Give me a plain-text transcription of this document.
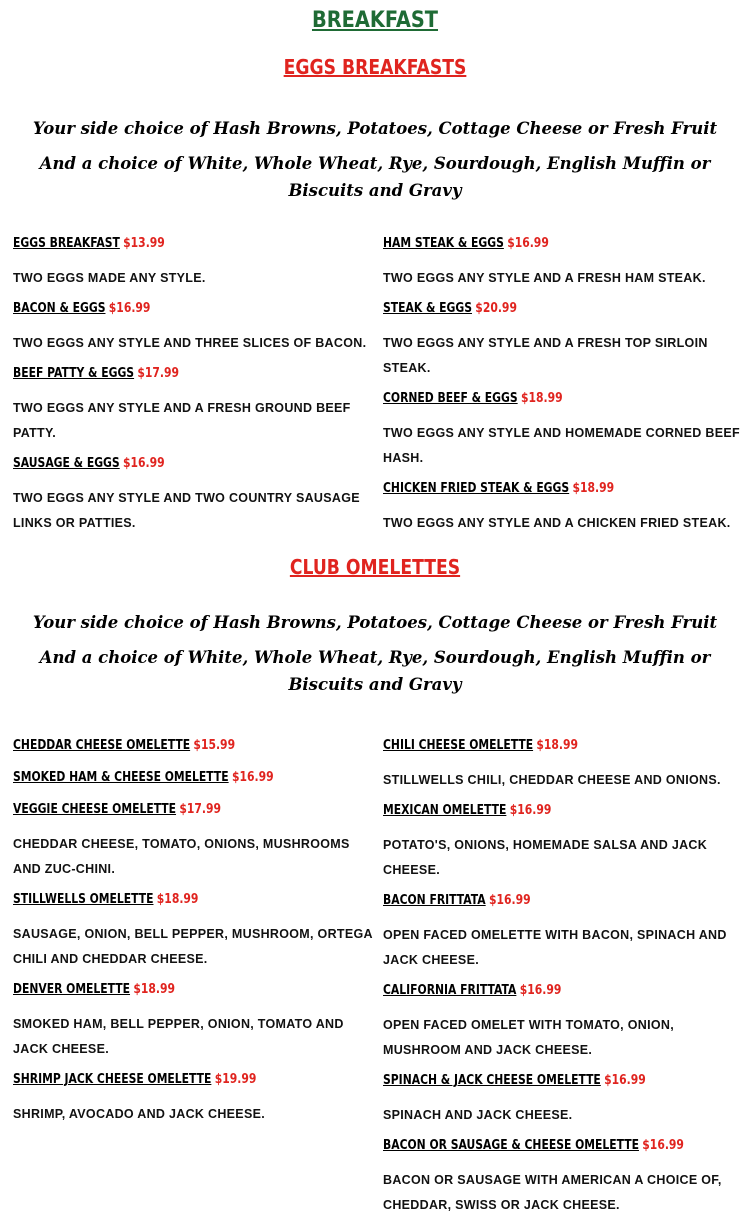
BREAKFAST
EGGS BREAKFASTS

Your side choice of Hash Browns, Potatoes, Cottage Cheese or Fresh Fruit

And a choice of White, Whole Wheat, Rye, Sourdough, English Muffin or Biscuits and Gravy

EGGS BREAKFAST $13.99
TWO EGGS MADE ANY STYLE.
BACON & EGGS $16.99
TWO EGGS ANY STYLE AND THREE SLICES OF BACON.
BEEF PATTY & EGGS $17.99
TWO EGGS ANY STYLE AND A FRESH GROUND BEEF PATTY.
SAUSAGE & EGGS $16.99
TWO EGGS ANY STYLE AND TWO COUNTRY SAUSAGE LINKS OR PATTIES.
HAM STEAK & EGGS $16.99
TWO EGGS ANY STYLE AND A FRESH HAM STEAK.
STEAK & EGGS $20.99
TWO EGGS ANY STYLE AND A FRESH TOP SIRLOIN STEAK.
CORNED BEEF & EGGS $18.99
TWO EGGS ANY STYLE AND HOMEMADE CORNED BEEF HASH.
CHICKEN FRIED STEAK & EGGS $18.99
TWO EGGS ANY STYLE AND A CHICKEN FRIED STEAK.
CLUB OMELETTES

Your side choice of Hash Browns, Potatoes, Cottage Cheese or Fresh Fruit

And a choice of White, Whole Wheat, Rye, Sourdough, English Muffin or Biscuits and Gravy

CHEDDAR CHEESE OMELETTE $15.99
SMOKED HAM & CHEESE OMELETTE $16.99
VEGGIE CHEESE OMELETTE $17.99
CHEDDAR CHEESE, TOMATO, ONIONS, MUSHROOMS AND ZUC-CHINI.
STILLWELLS OMELETTE $18.99
SAUSAGE, ONION, BELL PEPPER, MUSHROOM, ORTEGA CHILI AND CHEDDAR CHEESE.
DENVER OMELETTE $18.99
SMOKED HAM, BELL PEPPER, ONION, TOMATO AND JACK CHEESE.
SHRIMP JACK CHEESE OMELETTE $19.99
SHRIMP, AVOCADO AND JACK CHEESE.
CHILI CHEESE OMELETTE $18.99
STILLWELLS CHILI, CHEDDAR CHEESE AND ONIONS.
MEXICAN OMELETTE $16.99
POTATO'S, ONIONS, HOMEMADE SALSA AND JACK CHEESE.
BACON FRITTATA $16.99
OPEN FACED OMELETTE WITH BACON, SPINACH AND JACK CHEESE.
CALIFORNIA FRITTATA $16.99
OPEN FACED OMELET WITH TOMATO, ONION, MUSHROOM AND JACK CHEESE.
SPINACH & JACK CHEESE OMELETTE $16.99
SPINACH AND JACK CHEESE.
BACON OR SAUSAGE & CHEESE OMELETTE $16.99
BACON OR SAUSAGE WITH AMERICAN A CHOICE OF, CHEDDAR, SWISS OR JACK CHEESE.
